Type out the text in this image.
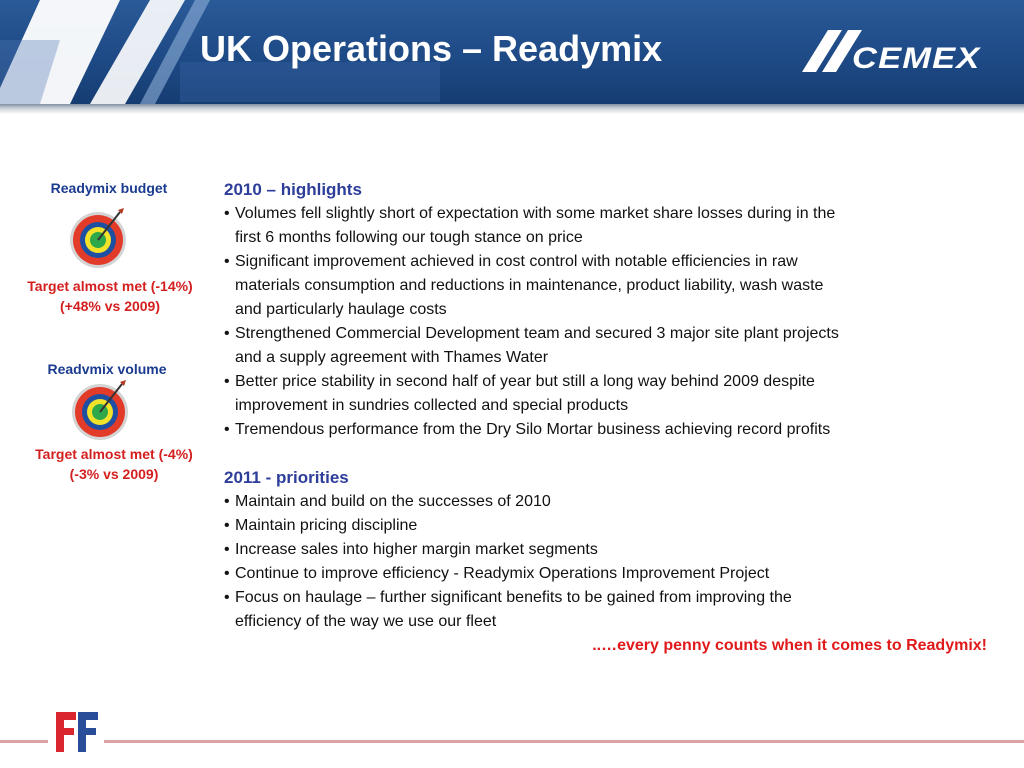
UK Operations – Readymix	CEMEX
Readymix budget
Target almost met (-14%)
(+48% vs 2009)
Readvmix volume
Target almost met (-4%)
(-3% vs 2009)
2010 – highlights
• Volumes fell slightly short of expectation with some market share losses during in the
first 6 months following our tough stance on price
• Significant improvement achieved in cost control with notable efficiencies in raw
materials consumption and reductions in maintenance, product liability, wash waste
and particularly haulage costs
• Strengthened Commercial Development team and secured 3 major site plant projects
and a supply agreement with Thames Water
• Better price stability in second half of year but still a long way behind 2009 despite
improvement in sundries collected and special products
• Tremendous performance from the Dry Silo Mortar business achieving record profits
2011 - priorities
• Maintain and build on the successes of 2010
• Maintain pricing discipline
• Increase sales into higher margin market segments
• Continue to improve efficiency - Readymix Operations Improvement Project
• Focus on haulage – further significant benefits to be gained from improving the
efficiency of the way we use our fleet
..…every penny counts when it comes to Readymix!
